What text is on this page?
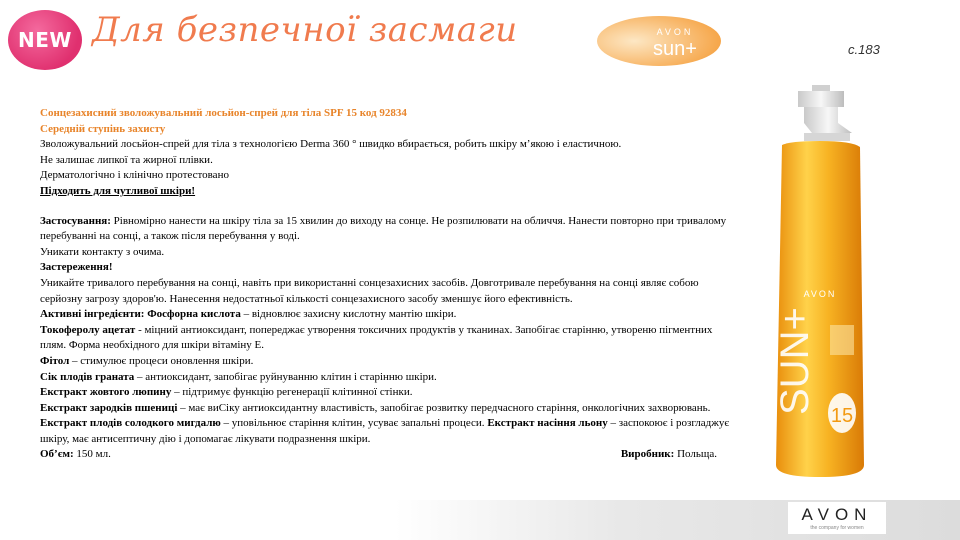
NEW Для безпечної засмаги	AVON
sun+	с.183

Сонцезахисний зволожувальний лосьйон-спрей для тіла SPF 15 код 92834

Середній ступінь захисту

Зволожувальний лосьйон-спрей для тіла з технологією Derma 360 ° швидко вбирається, робить шкіру м’якою і еластичною.

Не залишає липкої та жирної плівки.

Дерматологічно і клінічно протестовано

Підходить для чутливої шкіри!

Застосування: Рівномірно нанести на шкіру тіла за 15 хвилин до виходу на сонце. Не розпилювати на обличчя. Нанести повторно при тривалому перебуванні на сонці, а також після перебування у воді.

Уникати контакту з очима.

Застереження!

Уникайте тривалого перебування на сонці, навіть при використанні сонцезахисних засобів. Довготривале перебування на сонці являє собою серйозну загрозу здоров'ю. Нанесення недостатньої кількості сонцезахисного засобу зменшує його ефективність.

Активні інгредієнти: Фосфорна кислота – відновлює захисну кислотну мантію шкіри.

Токоферолу ацетат - міцний антиоксидант, попереджає утворення токсичних продуктів у тканинах. Запобігає старінню, утвореню пігментних плям. Форма необхідного для шкіри вітаміну Е.

Фітол – стимулює процеси оновлення шкіри.

Сік плодів граната – антиоксидант, запобігає руйнуванню клітин і старінню шкіри.

Екстракт жовтого люпину – підтримує функцію регенерації клітинної стінки.

Екстракт зародків пшениці – має виСіку антиоксидантну властивість, запобігає розвитку передчасного старіння, онкологічних захворювань.

Екстракт плодів солодкого мигдалю – уповільнює старіння клітин, усуває запальні процеси. Екстракт насіння льону – заспокоює і розгладжує шкіру, має антисептичну дію і допомагає лікувати подразнення шкіри.

Об’єм: 150 мл.	Виробник: Польща.
AVON
SUN+
15
AVON
the company for women
